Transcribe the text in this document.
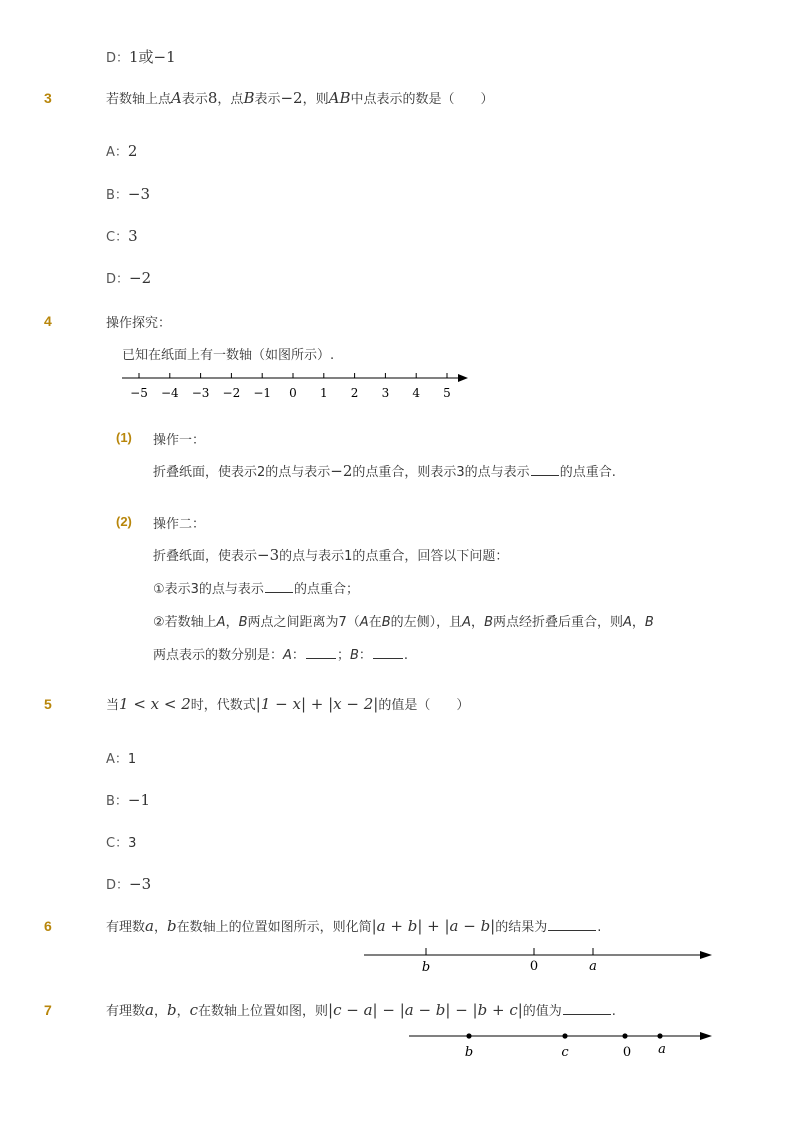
D：1或−1
3	若数轴上点A表示8，点B表示−2，则AB中点表示的数是（　　）
A：2
B：−3
C：3
D：−2
4	操作探究：
已知在纸面上有一数轴（如图所示）.
−5 −4 −3 −2 −1 0 1 2 3 4 5
(1) 操作一：
折叠纸面，使表示2的点与表示−2的点重合，则表示3的点与表示 的点重合.
(2) 操作二：
折叠纸面，使表示−3的点与表示1的点重合，回答以下问题：
①表示3的点与表示 的点重合；
②若数轴上A，B两点之间距离为7（A在B的左侧），且A，B两点经折叠后重合，则A，B
两点表示的数分别是：A： ；B： .
5	当1 < x < 2时，代数式|1 − x| + |x − 2|的值是（　　）
A：1
B：−1
C：3
D：−3
6	有理数a，b在数轴上的位置如图所示，则化简|a + b| + |a − b|的结果为	.
b	0	a
7	有理数a，b，c在数轴上位置如图，则|c − a| − |a − b| − |b + c|的值为	.
b	c	0 a
